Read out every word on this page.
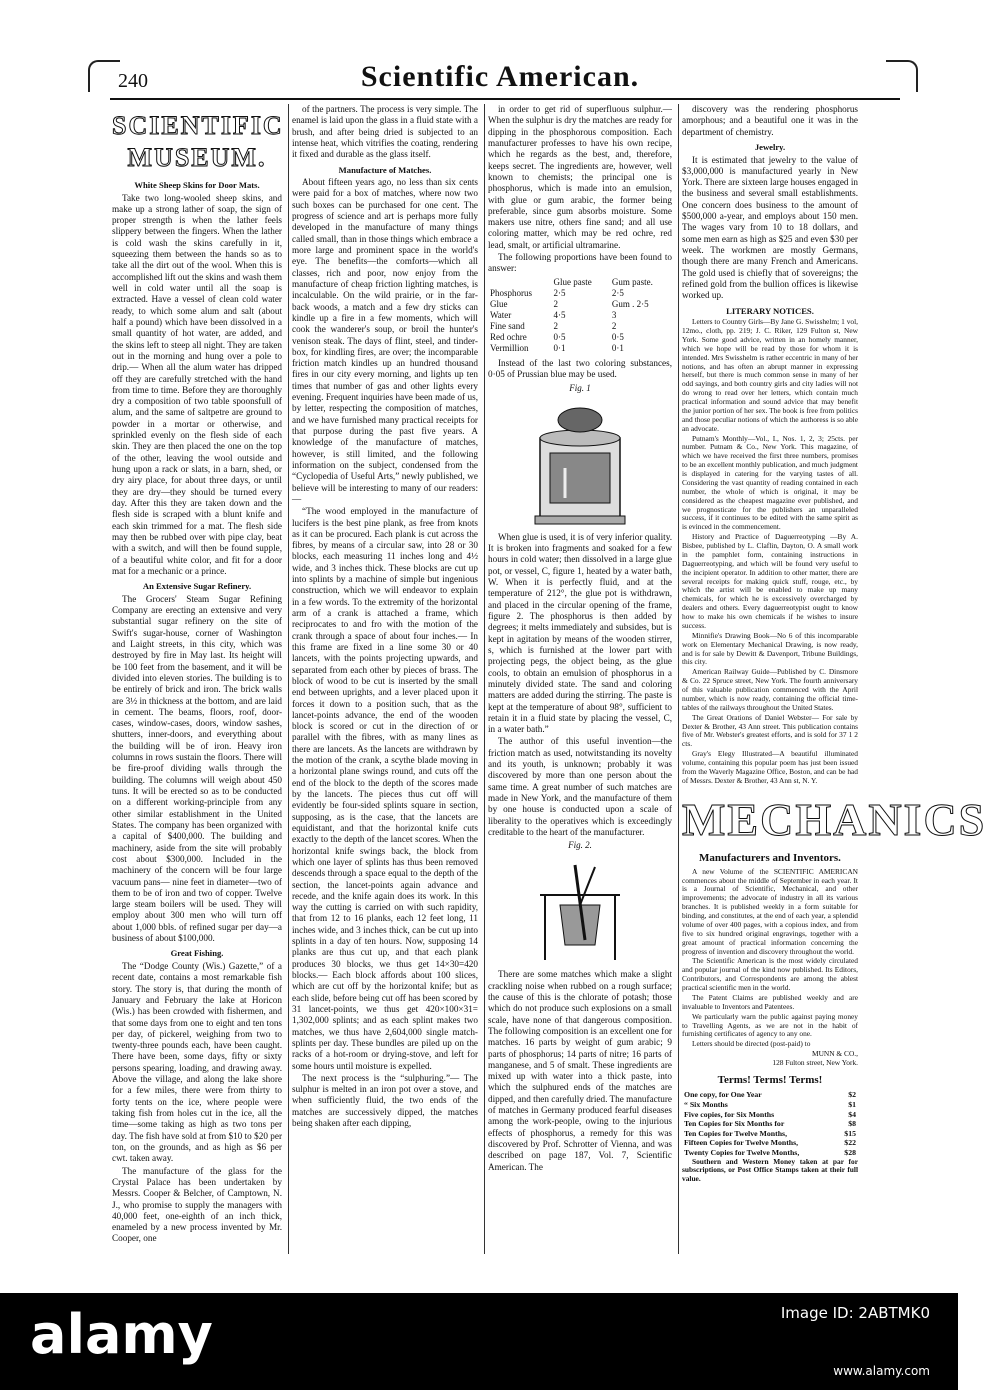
Scientific American.
240
SCIENTIFIC MUSEUM.
White Sheep Skins for Door Mats.

Take two long-wooled sheep skins, and make up a strong lather of soap, the sign of proper strength is when the lather feels slippery between the fingers. When the lather is cold wash the skins carefully in it, squeezing them between the hands so as to take all the dirt out of the wool. When this is accomplished lift out the skins and wash them well in cold water until all the soap is extracted. Have a vessel of clean cold water ready, to which some alum and salt (about half a pound) which have been dissolved in a small quantity of hot water, are added, and the skins left to steep all night. They are taken out in the morning and hung over a pole to drip.— When all the alum water has dripped off they are carefully stretched with the hand from time to time. Before they are thoroughly dry a composition of two table spoonsfull of alum, and the same of saltpetre are ground to powder in a mortar or otherwise, and sprinkled evenly on the flesh side of each skin. They are then placed the one on the top of the other, leaving the wool outside and hung upon a rack or slats, in a barn, shed, or dry airy place, for about three days, or until they are dry—they should be turned every day. After this they are taken down and the flesh side is scraped with a blunt knife and each skin trimmed for a mat. The flesh side may then be rubbed over with pipe clay, beat with a switch, and will then be found supple, of a beautiful white color, and fit for a door mat for a mechanic or a prince.

An Extensive Sugar Refinery.

The Grocers' Steam Sugar Refining Company are erecting an extensive and very substantial sugar refinery on the site of Swift's sugar-house, corner of Washington and Laight streets, in this city, which was destroyed by fire in May last. Its height will be 100 feet from the basement, and it will be divided into eleven stories. The building is to be entirely of brick and iron. The brick walls are 3½ in thickness at the bottom, and are laid in cement. The beams, floors, roof, door-cases, window-cases, doors, window sashes, shutters, inner-doors, and everything about the building will be of iron. Heavy iron columns in rows sustain the floors. There will be fire-proof dividing walls through the building. The columns will weigh about 450 tuns. It will be erected so as to be conducted on a different working-principle from any other similar establishment in the United States. The company has been organized with a capital of $400,000. The building and machinery, aside from the site will probably cost about $300,000. Included in the machinery of the concern will be four large vacuum pans— nine feet in diameter—two of them to be of iron and two of copper. Twelve large steam boilers will be used. They will employ about 300 men who will turn off about 1,000 bbls. of refined sugar per day—a business of about $100,000.

Great Fishing.

The “Dodge County (Wis.) Gazette,” of a recent date, contains a most remarkable fish story. The story is, that during the month of January and February the lake at Horicon (Wis.) has been crowded with fishermen, and that some days from one to eight and ten tons per day, of pickerel, weighing from two to twenty-three pounds each, have been caught. There have been, some days, fifty or sixty persons spearing, loading, and drawing away. Above the village, and along the lake shore for a few miles, there were from thirty to forty tents on the ice, where people were taking fish from holes cut in the ice, all the time—some taking as high as two tons per day. The fish have sold at from $10 to $20 per ton, on the grounds, and as high as $6 per cwt. taken away.

The manufacture of the glass for the Crystal Palace has been undertaken by Messrs. Cooper & Belcher, of Camptown, N. J., who promise to supply the managers with 40,000 feet, one-eighth of an inch thick, enameled by a new process invented by Mr. Cooper, one

of the partners. The process is very simple. The enamel is laid upon the glass in a fluid state with a brush, and after being dried is subjected to an intense heat, which vitrifies the coating, rendering it fixed and durable as the glass itself.

Manufacture of Matches.

About fifteen years ago, no less than six cents were paid for a box of matches, where now two such boxes can be purchased for one cent. The progress of science and art is perhaps more fully developed in the manufacture of many things called small, than in those things which embrace a more large and prominent space in the world's eye. The benefits—the comforts—which all classes, rich and poor, now enjoy from the manufacture of cheap friction lighting matches, is incalculable. On the wild prairie, or in the far-back woods, a match and a few dry sticks can kindle up a fire in a few moments, which will cook the wanderer's soup, or broil the hunter's venison steak. The days of flint, steel, and tinder-box, for kindling fires, are over; the incomparable friction match kindles up an hundred thousand fires in our city every morning, and lights up ten times that number of gas and other lights every evening. Frequent inquiries have been made of us, by letter, respecting the composition of matches, and we have furnished many practical receipts for that purpose during the past five years. A knowledge of the manufacture of matches, however, is still limited, and the following information on the subject, condensed from the “Cyclopedia of Useful Arts,” newly published, we believe will be interesting to many of our readers:—

“The wood employed in the manufacture of lucifers is the best pine plank, as free from knots as it can be procured. Each plank is cut across the fibres, by means of a circular saw, into 28 or 30 blocks, each measuring 11 inches long and 4½ wide, and 3 inches thick. These blocks are cut up into splints by a machine of simple but ingenious construction, which we will endeavor to explain in a few words. To the extremity of the horizontal arm of a crank is attached a frame, which reciprocates to and fro with the motion of the crank through a space of about four inches.— In this frame are fixed in a line some 30 or 40 lancets, with the points projecting upwards, and separated from each other by pieces of brass. The block of wood to be cut is inserted by the small end between uprights, and a lever placed upon it forces it down to a position such, that as the lancet-points advance, the end of the wooden block is scored or cut in the direction of or parallel with the fibres, with as many lines as there are lancets. As the lancets are withdrawn by the motion of the crank, a scythe blade moving in a horizontal plane swings round, and cuts off the end of the block to the depth of the scores made by the lancets. The pieces thus cut off will evidently be four-sided splints square in section, supposing, as is the case, that the lancets are equidistant, and that the horizontal knife cuts exactly to the depth of the lancet scores. When the horizontal knife swings back, the block from which one layer of splints has thus been removed descends through a space equal to the depth of the section, the lancet-points again advance and recede, and the knife again does its work. In this way the cutting is carried on with such rapidity, that from 12 to 16 planks, each 12 feet long, 11 inches wide, and 3 inches thick, can be cut up into splints in a day of ten hours. Now, supposing 14 planks are thus cut up, and that each plank produces 30 blocks, we thus get 14×30=420 blocks.— Each block affords about 100 slices, which are cut off by the horizontal knife; but as each slide, before being cut off has been scored by 31 lancet-points, we thus get 420×100×31= 1,302,000 splints; and as each splint makes two matches, we thus have 2,604,000 single match-splints per day. These bundles are piled up on the racks of a hot-room or drying-stove, and left for some hours until moisture is expelled.

The next process is the “sulphuring.”— The sulphur is melted in an iron pot over a stove, and when sufficiently fluid, the two ends of the matches are successively dipped, the matches being shaken after each dipping,

in order to get rid of superfluous sulphur.— When the sulphur is dry the matches are ready for dipping in the phosphorous composition. Each manufacturer professes to have his own recipe, which he regards as the best, and, therefore, keeps secret. The ingredients are, however, well known to chemists; the principal one is phosphorus, which is made into an emulsion, with glue or gum arabic, the former being preferable, since gum absorbs moisture. Some makers use nitre, others fine sand; and all use coloring matter, which may be red ochre, red lead, smalt, or artificial ultramarine.

The following proportions have been found to answer:

	Glue paste	Gum paste.
Phosphorus	2·5	2·5
Glue	2	Gum . 2·5
Water	4·5	3
Fine sand	2	2
Red ochre	0·5	0·5
Vermillion	0·1	0·1

Instead of the last two coloring substances, 0·05 of Prussian blue may be used.

Fig. 1

When glue is used, it is of very inferior quality. It is broken into fragments and soaked for a few hours in cold water; then dissolved in a large glue pot, or vessel, C, figure 1, heated by a water bath, W. When it is perfectly fluid, and at the temperature of 212°, the glue pot is withdrawn, and placed in the circular opening of the frame, figure 2. The phosphorus is then added by degrees; it melts immediately and subsides, but is kept in agitation by means of the wooden stirrer, s, which is furnished at the lower part with projecting pegs, the object being, as the glue cools, to obtain an emulsion of phosphorus in a minutely divided state. The sand and coloring matters are added during the stirring. The paste is kept at the temperature of about 98°, sufficient to retain it in a fluid state by placing the vessel, C, in a water bath.”

The author of this useful invention—the friction match as used, notwitstanding its novelty and its youth, is unknown; probably it was discovered by more than one person about the same time. A great number of such matches are made in New York, and the manufacture of them by one house is conducted upon a scale of liberality to the operatives which is exceedingly creditable to the heart of the manufacturer.

Fig. 2.

There are some matches which make a slight crackling noise when rubbed on a rough surface; the cause of this is the chlorate of potash; those which do not produce such explosions on a small scale, have none of that dangerous composition. The following composition is an excellent one for matches. 16 parts by weight of gum arabic; 9 parts of phosphorus; 14 parts of nitre; 16 parts of manganese, and 5 of smalt. These ingredients are mixed up with water into a thick paste, into which the sulphured ends of the matches are dipped, and then carefully dried. The manufacture of matches in Germany produced fearful diseases among the work-people, owing to the injurious effects of phosphorus, a remedy for this was discovered by Prof. Schrotter of Vienna, and was described on page 187, Vol. 7, Scientific American. The

discovery was the rendering phosphorus amorphous; and a beautiful one it was in the department of chemistry.

Jewelry.

It is estimated that jewelry to the value of $3,000,000 is manufactured yearly in New York. There are sixteen large houses engaged in the business and several small establishments. One concern does business to the amount of $500,000 a-year, and employs about 150 men. The wages vary from 10 to 18 dollars, and some men earn as high as $25 and even $30 per week. The workmen are mostly Germans, though there are many French and Americans. The gold used is chiefly that of sovereigns; the refined gold from the bullion offices is likewise worked up.

LITERARY NOTICES.

Letters to Country Girls—By Jane G. Swisshelm; 1 vol, 12mo., cloth, pp. 219; J. C. Riker, 129 Fulton st, New York. Some good advice, written in an homely manner, which we hope will be read by those for whom it is intended. Mrs Swisshelm is rather eccentric in many of her notions, and has often an abrupt manner in expressing herself, but there is much common sense in many of her odd sayings, and both country girls and city ladies will not do wrong to read over her letters, which contain much practical information and sound advice that may benefit the junior portion of her sex. The book is free from politics and those peculiar notions of which the authoress is so able an advocate.

Putnam's Monthly—Vol., I., Nos. 1, 2, 3; 25cts. per number. Putnam & Co., New York. This magazine, of which we have received the first three numbers, promises to be an excellent monthly publication, and much judgment is displayed in catering for the varying tastes of all. Considering the vast quantity of reading contained in each number, the whole of which is original, it may be considered as the cheapest magazine ever published, and we prognosticate for the publishers an unparalleled success, if it continues to be edited with the same spirit as is evinced in the commencement.

History and Practice of Daguerreotyping —By A. Bisbee, published by L. Claflin, Dayton, O. A small work in the pamphlet form, containing instructions in Daguerreotyping, and which will be found very useful to the incipient operator. In addition to other matter, there are several receipts for making quick stuff, rouge, etc., by which the artist will be enabled to make up many chemicals, for which he is excessively overcharged by dealers and others. Every daguerreotypist ought to know how to make his own chemicals if he wishes to insure success.

Minnifie's Drawing Book—No 6 of this incomparable work on Elementary Mechanical Drawing, is now ready, and is for sale by Dewitt & Davenport, Tribune Buildings, this city.

American Railway Guide—Published by C. Dinsmore & Co. 22 Spruce street, New York. The fourth anniversary of this valuable publication commenced with the April number, which is now ready, containing the official time-tables of the railways throughout the United States.

The Great Orations of Daniel Webster— For sale by Dexter & Brother, 43 Ann street. This publication contains five of Mr. Webster's greatest efforts, and is sold for 37 1 2 cts.

Gray's Elegy Illustrated—A beautiful illuminated volume, containing this popular poem has just been issued from the Waverly Magazine Office, Boston, and can be had of Messrs. Dexter & Brother, 43 Ann st, N. Y.

MECHANICS
Manufacturers and Inventors.

A new Volume of the SCIENTIFIC AMERICAN commences about the middle of September in each year. It is a Journal of Scientific, Mechanical, and other improvements; the advocate of industry in all its various branches. It is published weekly in a form suitable for binding, and constitutes, at the end of each year, a splendid volume of over 400 pages, with a copious index, and from five to six hundred original engravings, together with a great amount of practical information concerning the progress of invention and discovery throughout the world.

The Scientific American is the most widely circulated and popular journal of the kind now published. Its Editors, Contributors, and Correspondents are among the ablest practical scientific men in the world.

The Patent Claims are published weekly and are invaluable to Inventors and Patentees.

We particularly warn the public against paying money to Travelling Agents, as we are not in the habit of furnishing certificates of agency to any one.

Letters should be directed (post-paid) to

MUNN & CO.,
128 Fulton street, New York.
Terms! Terms! Terms!
One copy, for One Year	$2
“ Six Months	$1
Five copies, for Six Months	$4
Ten Copies for Six Months for	$8
Ten Copies for Twelve Months,	$15
Fifteen Copies for Twelve Months,	$22
Twenty Copies for Twelve Months,	$28

Southern and Western Money taken at par for subscriptions, or Post Office Stamps taken at their full value.

alamy	Image ID: 2ABTMK0
www.alamy.com
